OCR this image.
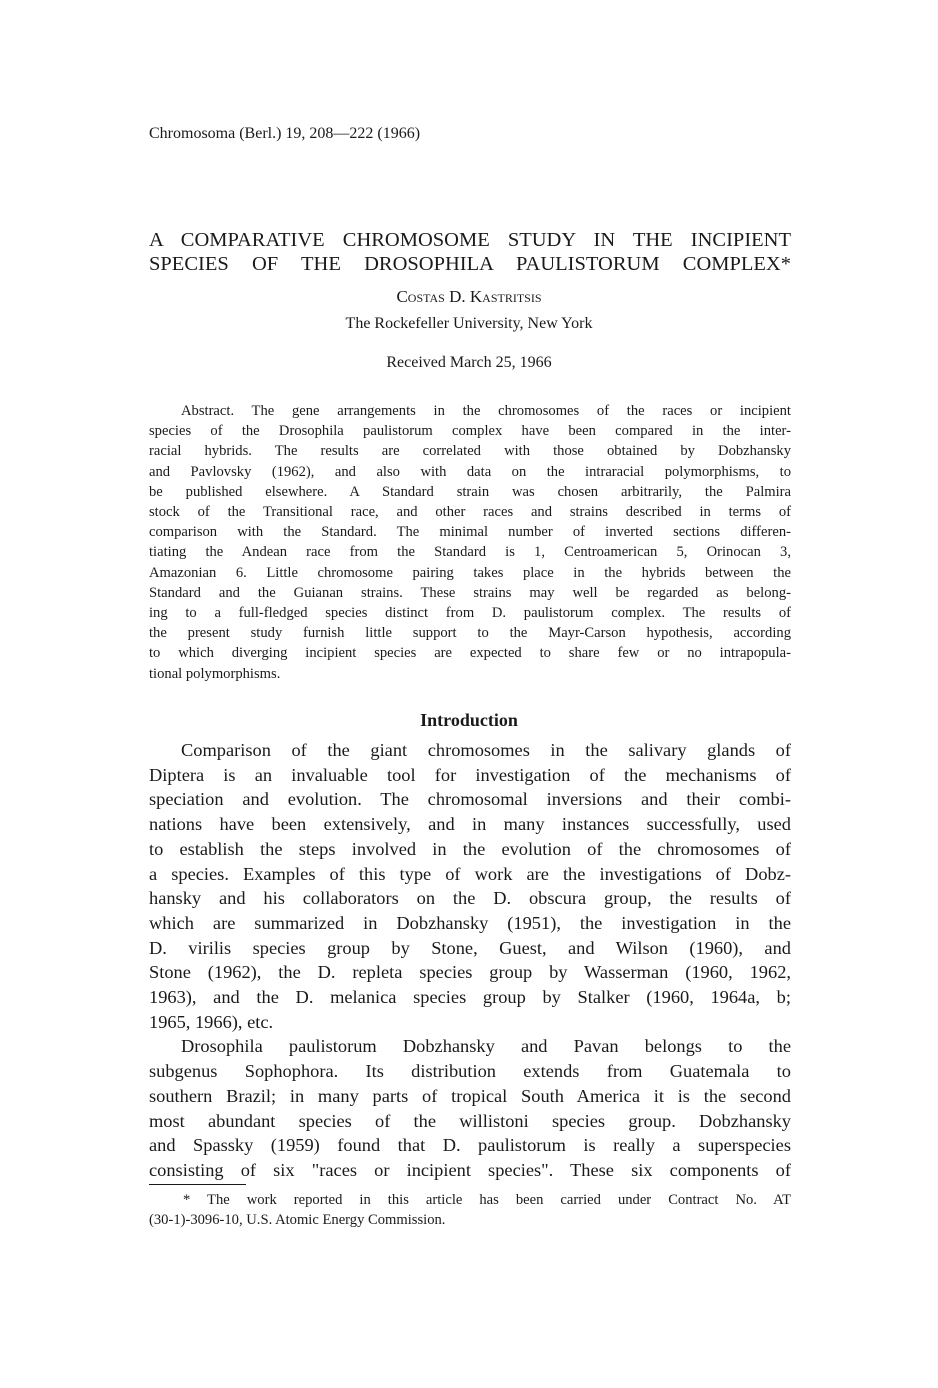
Chromosoma (Berl.) 19, 208—222 (1966)
A COMPARATIVE CHROMOSOME STUDY IN THE INCIPIENT
SPECIES OF THE DROSOPHILA PAULISTORUM COMPLEX*
Costas D. Kastritsis
The Rockefeller University, New York
Received March 25, 1966
Abstract. The gene arrangements in the chromosomes of the races or incipient
species of the Drosophila paulistorum complex have been compared in the inter-
racial hybrids. The results are correlated with those obtained by Dobzhansky
and Pavlovsky (1962), and also with data on the intraracial polymorphisms, to
be published elsewhere. A Standard strain was chosen arbitrarily, the Palmira
stock of the Transitional race, and other races and strains described in terms of
comparison with the Standard. The minimal number of inverted sections differen-
tiating the Andean race from the Standard is 1, Centroamerican 5, Orinocan 3,
Amazonian 6. Little chromosome pairing takes place in the hybrids between the
Standard and the Guianan strains. These strains may well be regarded as belong-
ing to a full-fledged species distinct from D. paulistorum complex. The results of
the present study furnish little support to the Mayr-Carson hypothesis, according
to which diverging incipient species are expected to share few or no intrapopula-
tional polymorphisms.
Introduction
Comparison of the giant chromosomes in the salivary glands of
Diptera is an invaluable tool for investigation of the mechanisms of
speciation and evolution. The chromosomal inversions and their combi-
nations have been extensively, and in many instances successfully, used
to establish the steps involved in the evolution of the chromosomes of
a species. Examples of this type of work are the investigations of Dobz-
hansky and his collaborators on the D. obscura group, the results of
which are summarized in Dobzhansky (1951), the investigation in the
D. virilis species group by Stone, Guest, and Wilson (1960), and
Stone (1962), the D. repleta species group by Wasserman (1960, 1962,
1963), and the D. melanica species group by Stalker (1960, 1964a, b;
1965, 1966), etc.
Drosophila paulistorum Dobzhansky and Pavan belongs to the
subgenus Sophophora. Its distribution extends from Guatemala to
southern Brazil; in many parts of tropical South America it is the second
most abundant species of the willistoni species group. Dobzhansky
and Spassky (1959) found that D. paulistorum is really a superspecies
consisting of six "races or incipient species". These six components of
* The work reported in this article has been carried under Contract No. AT
(30-1)-3096-10, U.S. Atomic Energy Commission.
